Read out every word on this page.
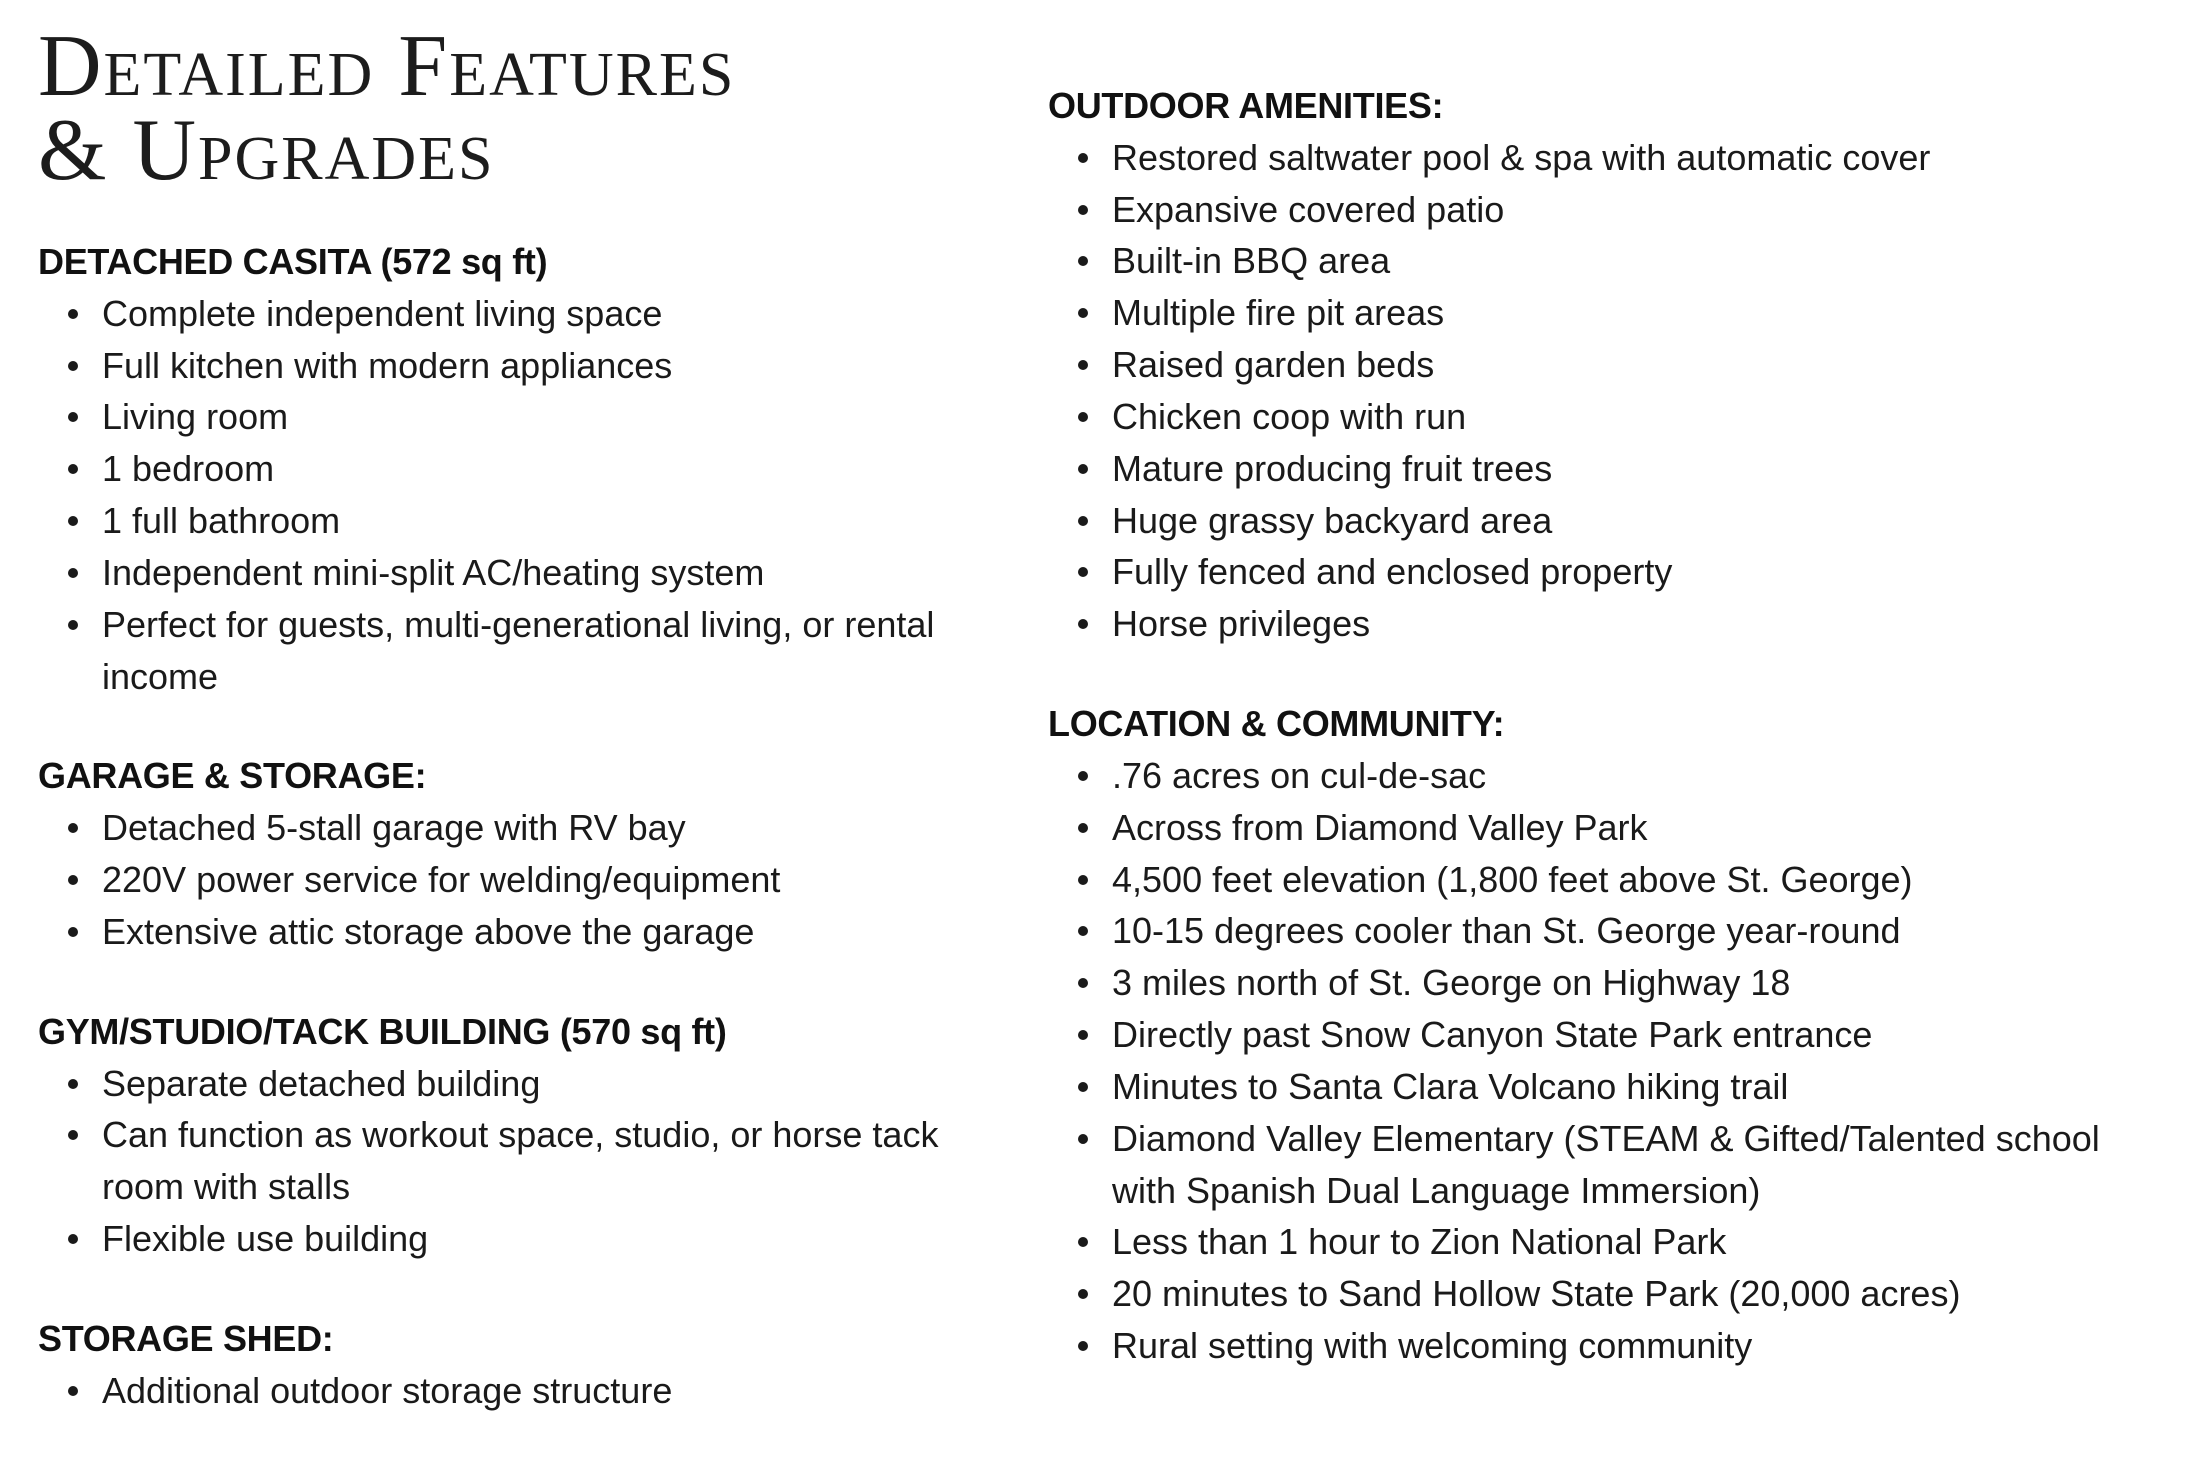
Detailed Features
& Upgrades
DETACHED CASITA (572 sq ft)
Complete independent living space
Full kitchen with modern appliances
Living room
1 bedroom
1 full bathroom
Independent mini-split AC/heating system
Perfect for guests, multi-generational living, or rental income
GARAGE & STORAGE:
Detached 5-stall garage with RV bay
220V power service for welding/equipment
Extensive attic storage above the garage
GYM/STUDIO/TACK BUILDING (570 sq ft)
Separate detached building
Can function as workout space, studio, or horse tack room with stalls
Flexible use building
STORAGE SHED:
Additional outdoor storage structure
OUTDOOR AMENITIES:
Restored saltwater pool & spa with automatic cover
Expansive covered patio
Built-in BBQ area
Multiple fire pit areas
Raised garden beds
Chicken coop with run
Mature producing fruit trees
Huge grassy backyard area
Fully fenced and enclosed property
Horse privileges
LOCATION & COMMUNITY:
.76 acres on cul-de-sac
Across from Diamond Valley Park
4,500 feet elevation (1,800 feet above St. George)
10-15 degrees cooler than St. George year-round
3 miles north of St. George on Highway 18
Directly past Snow Canyon State Park entrance
Minutes to Santa Clara Volcano hiking trail
Diamond Valley Elementary (STEAM & Gifted/Talented school with Spanish Dual Language Immersion)
Less than 1 hour to Zion National Park
20 minutes to Sand Hollow State Park (20,000 acres)
Rural setting with welcoming community
